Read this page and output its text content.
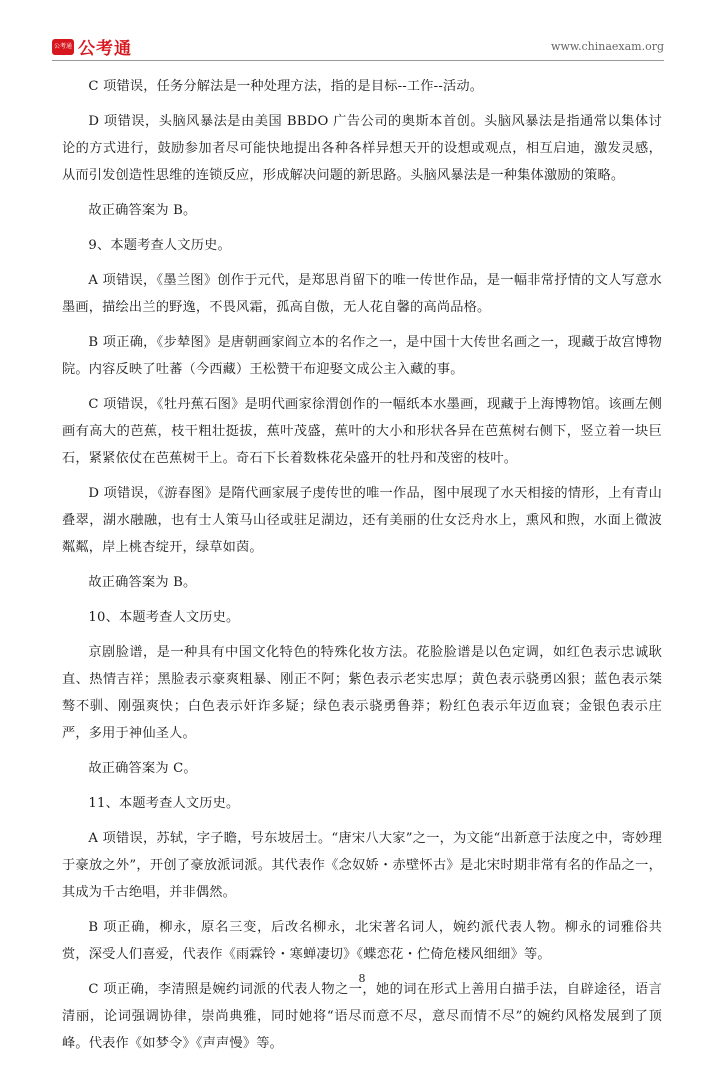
公考通 公考通	www.chinaexam.org

C 项错误，任务分解法是一种处理方法，指的是目标--工作--活动。

D 项错误，头脑风暴法是由美国 BBDO 广告公司的奥斯本首创。头脑风暴法是指通常以集体讨论的方式进行，鼓励参加者尽可能快地提出各种各样异想天开的设想或观点，相互启迪，激发灵感，从而引发创造性思维的连锁反应，形成解决问题的新思路。头脑风暴法是一种集体激励的策略。

故正确答案为 B。

9、本题考查人文历史。

A 项错误，《墨兰图》创作于元代，是郑思肖留下的唯一传世作品，是一幅非常抒情的文人写意水墨画，描绘出兰的野逸，不畏风霜，孤高自傲，无人花自馨的高尚品格。

B 项正确，《步辇图》是唐朝画家阎立本的名作之一，是中国十大传世名画之一，现藏于故宫博物院。内容反映了吐蕃（今西藏）王松赞干布迎娶文成公主入藏的事。

C 项错误，《牡丹蕉石图》是明代画家徐渭创作的一幅纸本水墨画，现藏于上海博物馆。该画左侧画有高大的芭蕉，枝干粗壮挺拔，蕉叶茂盛，蕉叶的大小和形状各异在芭蕉树右侧下，竖立着一块巨石，紧紧依仗在芭蕉树干上。奇石下长着数株花朵盛开的牡丹和茂密的枝叶。

D 项错误，《游春图》是隋代画家展子虔传世的唯一作品，图中展现了水天相接的情形，上有青山叠翠，湖水融融，也有士人策马山径或驻足湖边，还有美丽的仕女泛舟水上，熏风和煦，水面上微波粼粼，岸上桃杏绽开，绿草如茵。

故正确答案为 B。

10、本题考查人文历史。

京剧脸谱，是一种具有中国文化特色的特殊化妆方法。花脸脸谱是以色定调，如红色表示忠诚耿直、热情吉祥；黑脸表示豪爽粗暴、刚正不阿；紫色表示老实忠厚；黄色表示骁勇凶狠；蓝色表示桀骜不驯、刚强爽快；白色表示奸诈多疑；绿色表示骁勇鲁莽；粉红色表示年迈血衰；金银色表示庄严，多用于神仙圣人。

故正确答案为 C。

11、本题考查人文历史。

A 项错误，苏轼，字子瞻，号东坡居士。“唐宋八大家”之一，为文能“出新意于法度之中，寄妙理于豪放之外”，开创了豪放派词派。其代表作《念奴娇・赤壁怀古》是北宋时期非常有名的作品之一，其成为千古绝唱，并非偶然。

B 项正确，柳永，原名三变，后改名柳永，北宋著名词人，婉约派代表人物。柳永的词雅俗共赏，深受人们喜爱，代表作《雨霖铃・寒蝉凄切》《蝶恋花・伫倚危楼风细细》等。

C 项正确，李清照是婉约词派的代表人物之一，她的词在形式上善用白描手法，自辟途径，语言清丽，论词强调协律，崇尚典雅，同时她将“语尽而意不尽，意尽而情不尽”的婉约风格发展到了顶峰。代表作《如梦令》《声声慢》等。

8
